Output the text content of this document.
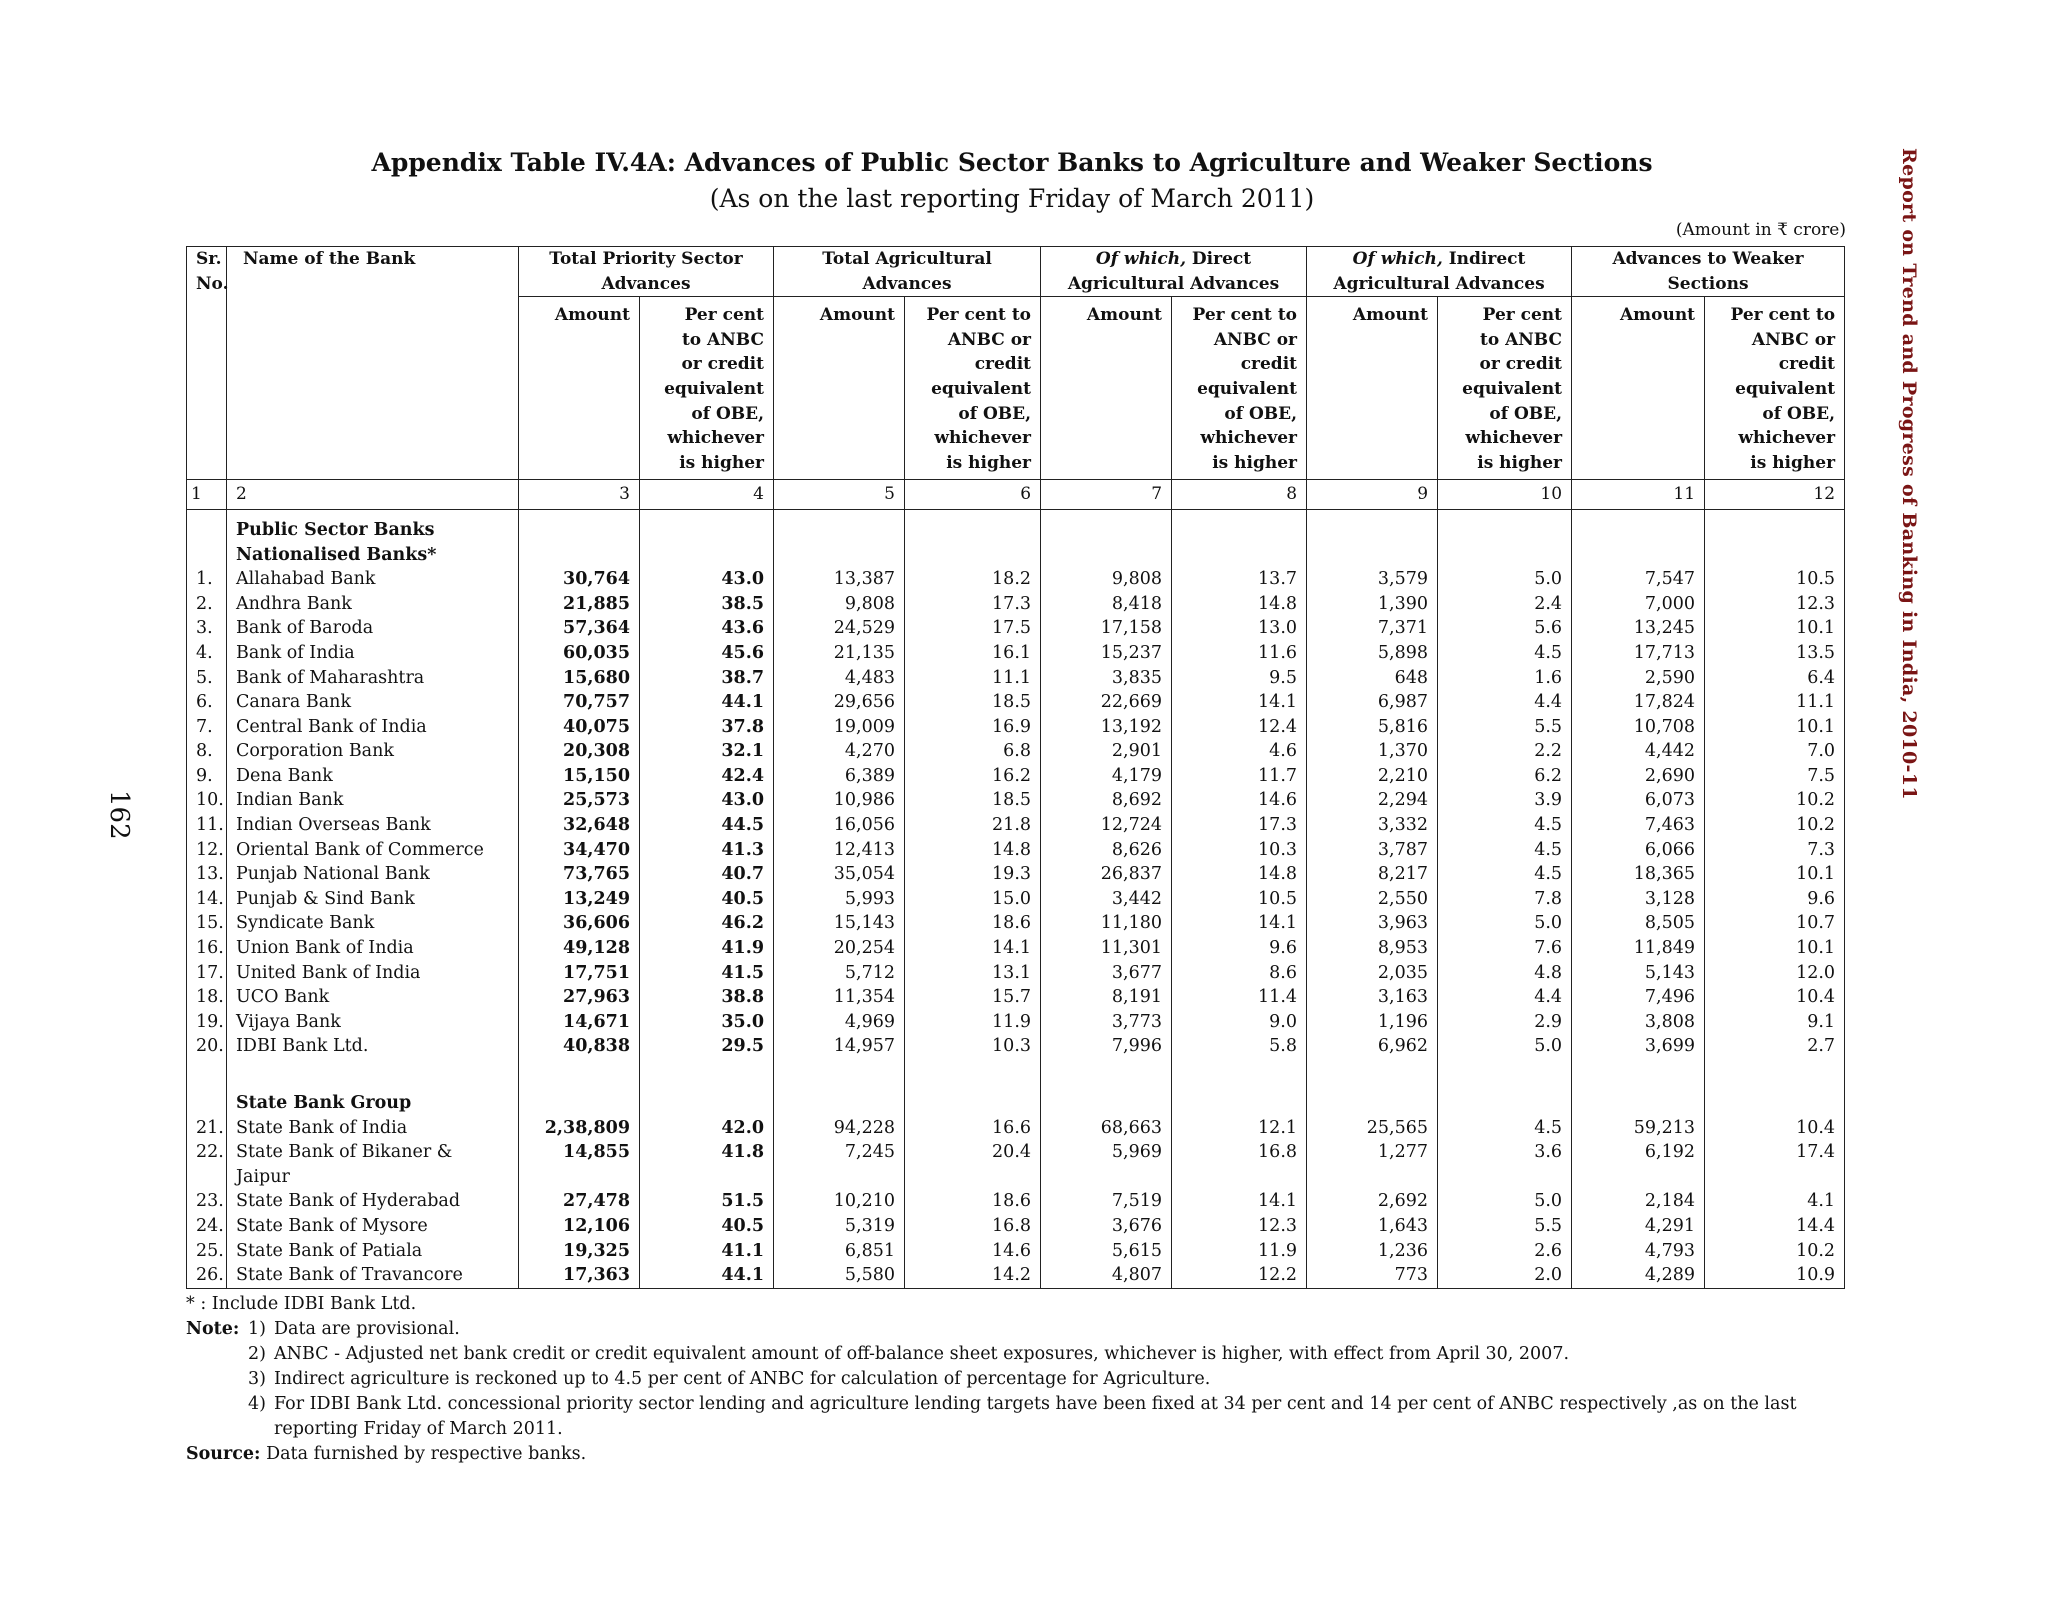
Report on Trend and Progress of Banking in India, 2010-11
162
Appendix Table IV.4A: Advances of Public Sector Banks to Agriculture and Weaker Sections
(As on the last reporting Friday of March 2011)
(Amount in ₹ crore)
Sr. No.	Name of the Bank	Total Priority Sector Advances		Total Agricultural Advances		Of which, Direct Agricultural Advances		Of which, Indirect Agricultural Advances		Advances to Weaker Sections	
		Amount	Per cent to ANBC or credit equivalent of OBE, whichever is higher	Amount	Per cent to ANBC or credit equivalent of OBE, whichever is higher	Amount	Per cent to ANBC or credit equivalent of OBE, whichever is higher	Amount	Per cent to ANBC or credit equivalent of OBE, whichever is higher	Amount	Per cent to ANBC or credit equivalent of OBE, whichever is higher
1	2	3	4	5	6	7	8	9	10	11	12
	Public Sector Banks										
	Nationalised Banks*										
1.	Allahabad Bank	30,764	43.0	13,387	18.2	9,808	13.7	3,579	5.0	7,547	10.5
2.	Andhra Bank	21,885	38.5	9,808	17.3	8,418	14.8	1,390	2.4	7,000	12.3
3.	Bank of Baroda	57,364	43.6	24,529	17.5	17,158	13.0	7,371	5.6	13,245	10.1
4.	Bank of India	60,035	45.6	21,135	16.1	15,237	11.6	5,898	4.5	17,713	13.5
5.	Bank of Maharashtra	15,680	38.7	4,483	11.1	3,835	9.5	648	1.6	2,590	6.4
6.	Canara Bank	70,757	44.1	29,656	18.5	22,669	14.1	6,987	4.4	17,824	11.1
7.	Central Bank of India	40,075	37.8	19,009	16.9	13,192	12.4	5,816	5.5	10,708	10.1
8.	Corporation Bank	20,308	32.1	4,270	6.8	2,901	4.6	1,370	2.2	4,442	7.0
9.	Dena Bank	15,150	42.4	6,389	16.2	4,179	11.7	2,210	6.2	2,690	7.5
10.	Indian Bank	25,573	43.0	10,986	18.5	8,692	14.6	2,294	3.9	6,073	10.2
11.	Indian Overseas Bank	32,648	44.5	16,056	21.8	12,724	17.3	3,332	4.5	7,463	10.2
12.	Oriental Bank of Commerce	34,470	41.3	12,413	14.8	8,626	10.3	3,787	4.5	6,066	7.3
13.	Punjab National Bank	73,765	40.7	35,054	19.3	26,837	14.8	8,217	4.5	18,365	10.1
14.	Punjab & Sind Bank	13,249	40.5	5,993	15.0	3,442	10.5	2,550	7.8	3,128	9.6
15.	Syndicate Bank	36,606	46.2	15,143	18.6	11,180	14.1	3,963	5.0	8,505	10.7
16.	Union Bank of India	49,128	41.9	20,254	14.1	11,301	9.6	8,953	7.6	11,849	10.1
17.	United Bank of India	17,751	41.5	5,712	13.1	3,677	8.6	2,035	4.8	5,143	12.0
18.	UCO Bank	27,963	38.8	11,354	15.7	8,191	11.4	3,163	4.4	7,496	10.4
19.	Vijaya Bank	14,671	35.0	4,969	11.9	3,773	9.0	1,196	2.9	3,808	9.1
20.	IDBI Bank Ltd.	40,838	29.5	14,957	10.3	7,996	5.8	6,962	5.0	3,699	2.7

	State Bank Group										
21.	State Bank of India	2,38,809	42.0	94,228	16.6	68,663	12.1	25,565	4.5	59,213	10.4
22.	State Bank of Bikaner & Jaipur	14,855	41.8	7,245	20.4	5,969	16.8	1,277	3.6	6,192	17.4
23.	State Bank of Hyderabad	27,478	51.5	10,210	18.6	7,519	14.1	2,692	5.0	2,184	4.1
24.	State Bank of Mysore	12,106	40.5	5,319	16.8	3,676	12.3	1,643	5.5	4,291	14.4
25.	State Bank of Patiala	19,325	41.1	6,851	14.6	5,615	11.9	1,236	2.6	4,793	10.2
26.	State Bank of Travancore	17,363	44.1	5,580	14.2	4,807	12.2	773	2.0	4,289	10.9
* : Include IDBI Bank Ltd.
Note: 1) Data are provisional.
2) ANBC - Adjusted net bank credit or credit equivalent amount of off-balance sheet exposures, whichever is higher, with effect from April 30, 2007.
3) Indirect agriculture is reckoned up to 4.5 per cent of ANBC for calculation of percentage for Agriculture.
4) For IDBI Bank Ltd. concessional priority sector lending and agriculture lending targets have been fixed at 34 per cent and 14 per cent of ANBC respectively ,as on the last reporting Friday of March 2011.
Source: Data furnished by respective banks.
